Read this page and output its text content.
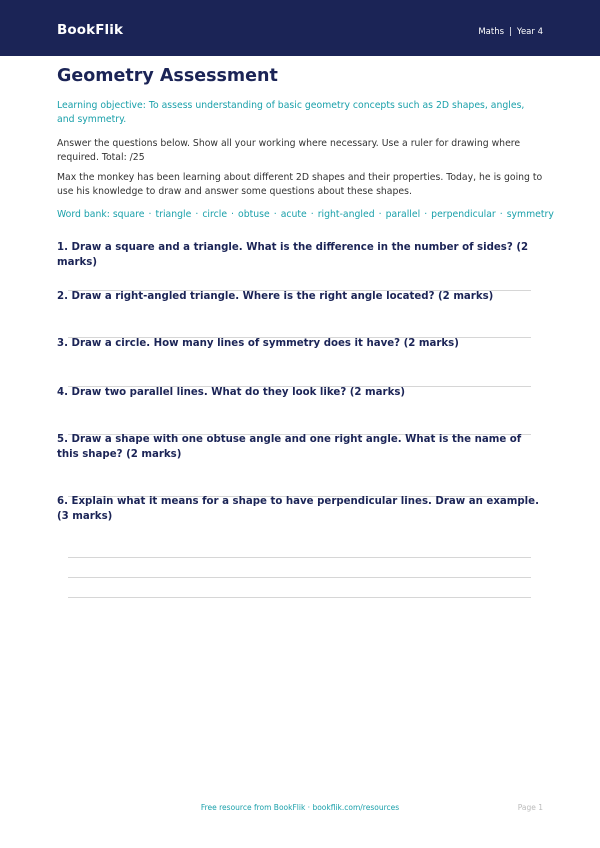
BookFlik	Maths | Year 4
Geometry Assessment
Learning objective: To assess understanding of basic geometry concepts such as 2D shapes, angles, and symmetry.
Answer the questions below. Show all your working where necessary. Use a ruler for drawing where required. Total: /25
Max the monkey has been learning about different 2D shapes and their properties. Today, he is going to use his knowledge to draw and answer some questions about these shapes.
Word bank: square · triangle · circle · obtuse · acute · right-angled · parallel · perpendicular · symmetry
1. Draw a square and a triangle. What is the difference in the number of sides? (2 marks)
2. Draw a right-angled triangle. Where is the right angle located? (2 marks)
3. Draw a circle. How many lines of symmetry does it have? (2 marks)
4. Draw two parallel lines. What do they look like? (2 marks)
5. Draw a shape with one obtuse angle and one right angle. What is the name of this shape? (2 marks)
6. Explain what it means for a shape to have perpendicular lines. Draw an example. (3 marks)
Free resource from BookFlik · bookflik.com/resources	Page 1
